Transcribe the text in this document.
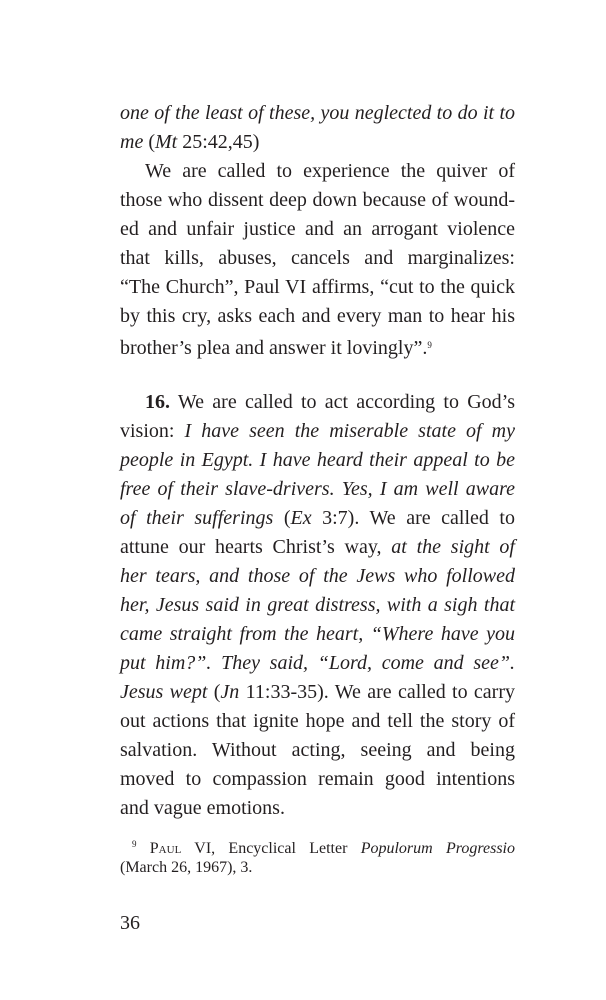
one of the least of these, you neglected to do it to
me (Mt 25:42,45)
We are called to experience the quiver of
those who dissent deep down because of wound-
ed and unfair justice and an arrogant violence
that kills, abuses, cancels and marginalizes:
“The Church”, Paul VI affirms, “cut to the quick
by this cry, asks each and every man to hear his
brother’s plea and answer it lovingly”.$^9$
16. We are called to act according to God’s
vision: I have seen the miserable state of my
people in Egypt. I have heard their appeal to be
free of their slave-drivers. Yes, I am well aware
of their sufferings (Ex 3:7). We are called to
attune our hearts Christ’s way, at the sight of
her tears, and those of the Jews who followed
her, Jesus said in great distress, with a sigh that
came straight from the heart, “Where have you
put him?”. They said, “Lord, come and see”.
Jesus wept (Jn 11:33-35). We are called to carry
out actions that ignite hope and tell the story of
salvation. Without acting, seeing and being
moved to compassion remain good intentions
and vague emotions.
$^9$ Paul VI, Encyclical Letter Populorum Progressio
(March 26, 1967), 3.
36
